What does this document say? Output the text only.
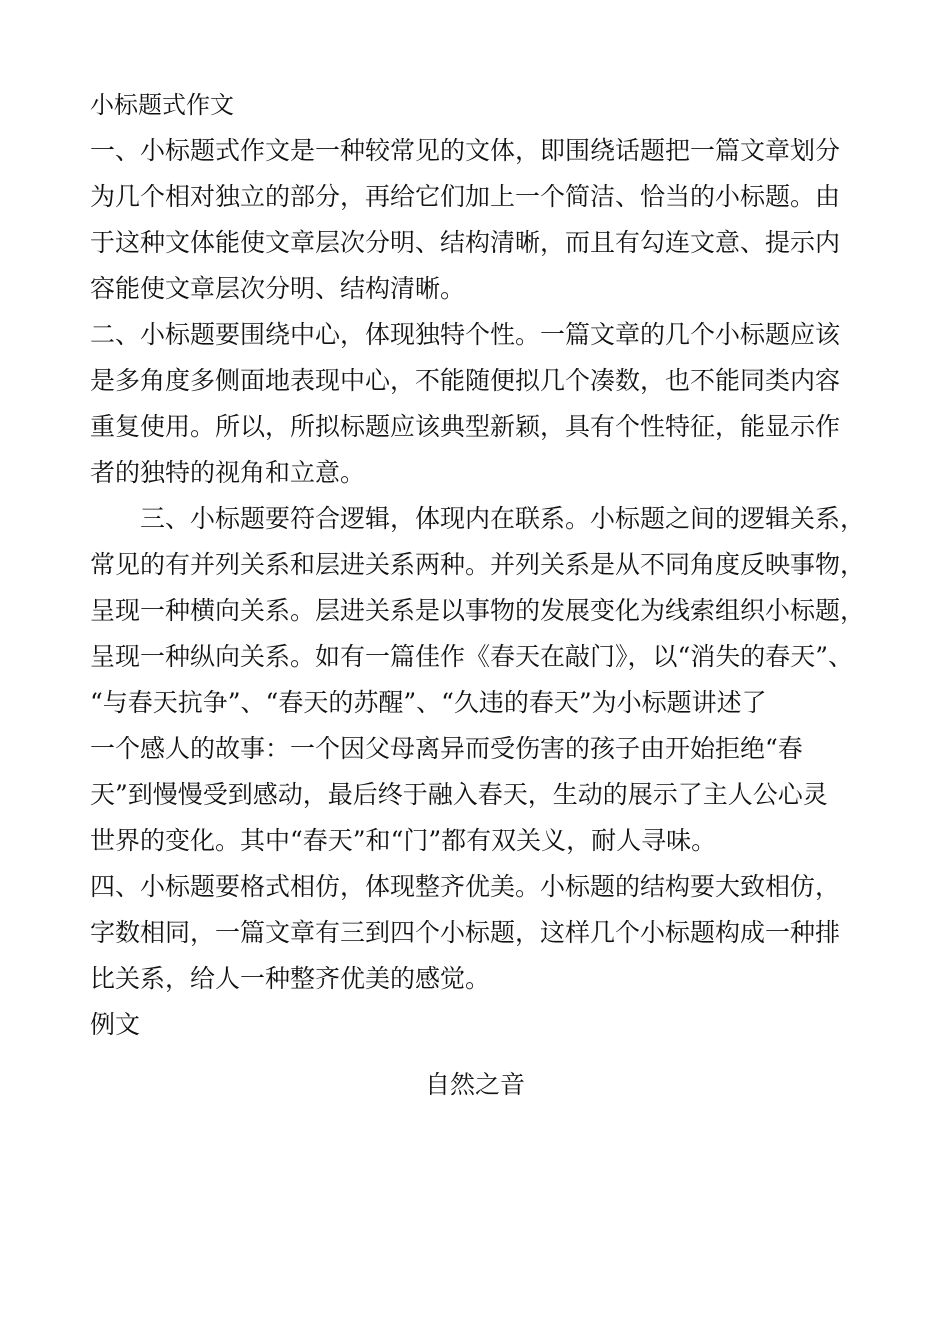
小标题式作文
一、小标题式作文是一种较常见的文体，即围绕话题把一篇文章划分
为几个相对独立的部分，再给它们加上一个简洁、恰当的小标题。由
于这种文体能使文章层次分明、结构清晰，而且有勾连文意、提示内
容能使文章层次分明、结构清晰。
二、小标题要围绕中心，体现独特个性。一篇文章的几个小标题应该
是多角度多侧面地表现中心，不能随便拟几个凑数，也不能同类内容
重复使用。所以，所拟标题应该典型新颖，具有个性特征，能显示作
者的独特的视角和立意。
三、小标题要符合逻辑，体现内在联系。小标题之间的逻辑关系，
常见的有并列关系和层进关系两种。并列关系是从不同角度反映事物，
呈现一种横向关系。层进关系是以事物的发展变化为线索组织小标题，
呈现一种纵向关系。如有一篇佳作《春天在敲门》，以“消失的春天”、
“与春天抗争”、“春天的苏醒”、“久违的春天”为小标题讲述了
一个感人的故事：一个因父母离异而受伤害的孩子由开始拒绝“春
天”到慢慢受到感动，最后终于融入春天，生动的展示了主人公心灵
世界的变化。其中“春天”和“门”都有双关义，耐人寻味。
四、小标题要格式相仿，体现整齐优美。小标题的结构要大致相仿，
字数相同，一篇文章有三到四个小标题，这样几个小标题构成一种排
比关系，给人一种整齐优美的感觉。
例文
自然之音
